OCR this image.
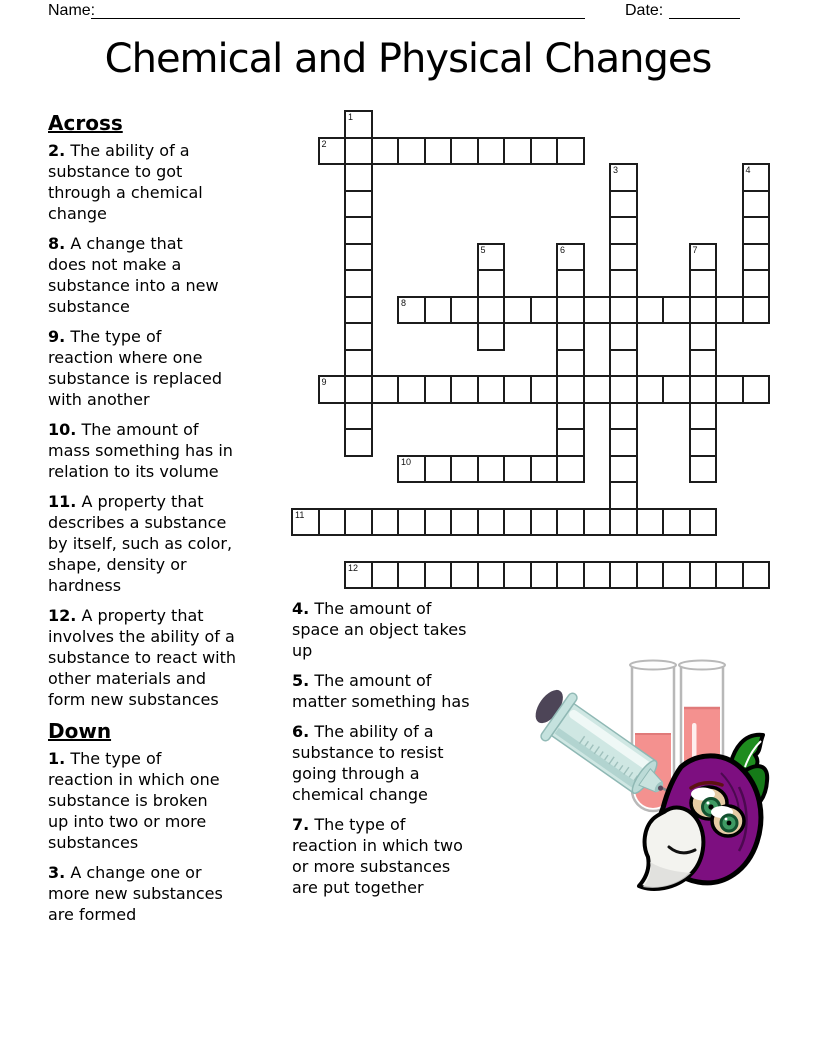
Name:	Date:
Chemical and Physical Changes
1
2
3	4
5	6	7
8
9
10
11
12
Across
2 . The ability of a substance to got through a chemical change
8 . A change that does not make a substance into a new substance
9 . The type of reaction where one substance is replaced with another
10 . The amount of mass something has in relation to its volume
11 . A property that describes a substance by itself, such as color, shape, density or hardness
12 . A property that involves the ability of a substance to react with other materials and form new substances
Down
1 . The type of reaction in which one substance is broken up into two or more substances
3 . A change one or more new substances are formed
4 . The amount of space an object takes up
5 . The amount of matter something has
6 . The ability of a substance to resist going through a chemical change
7 . The type of reaction in which two or more substances are put together
